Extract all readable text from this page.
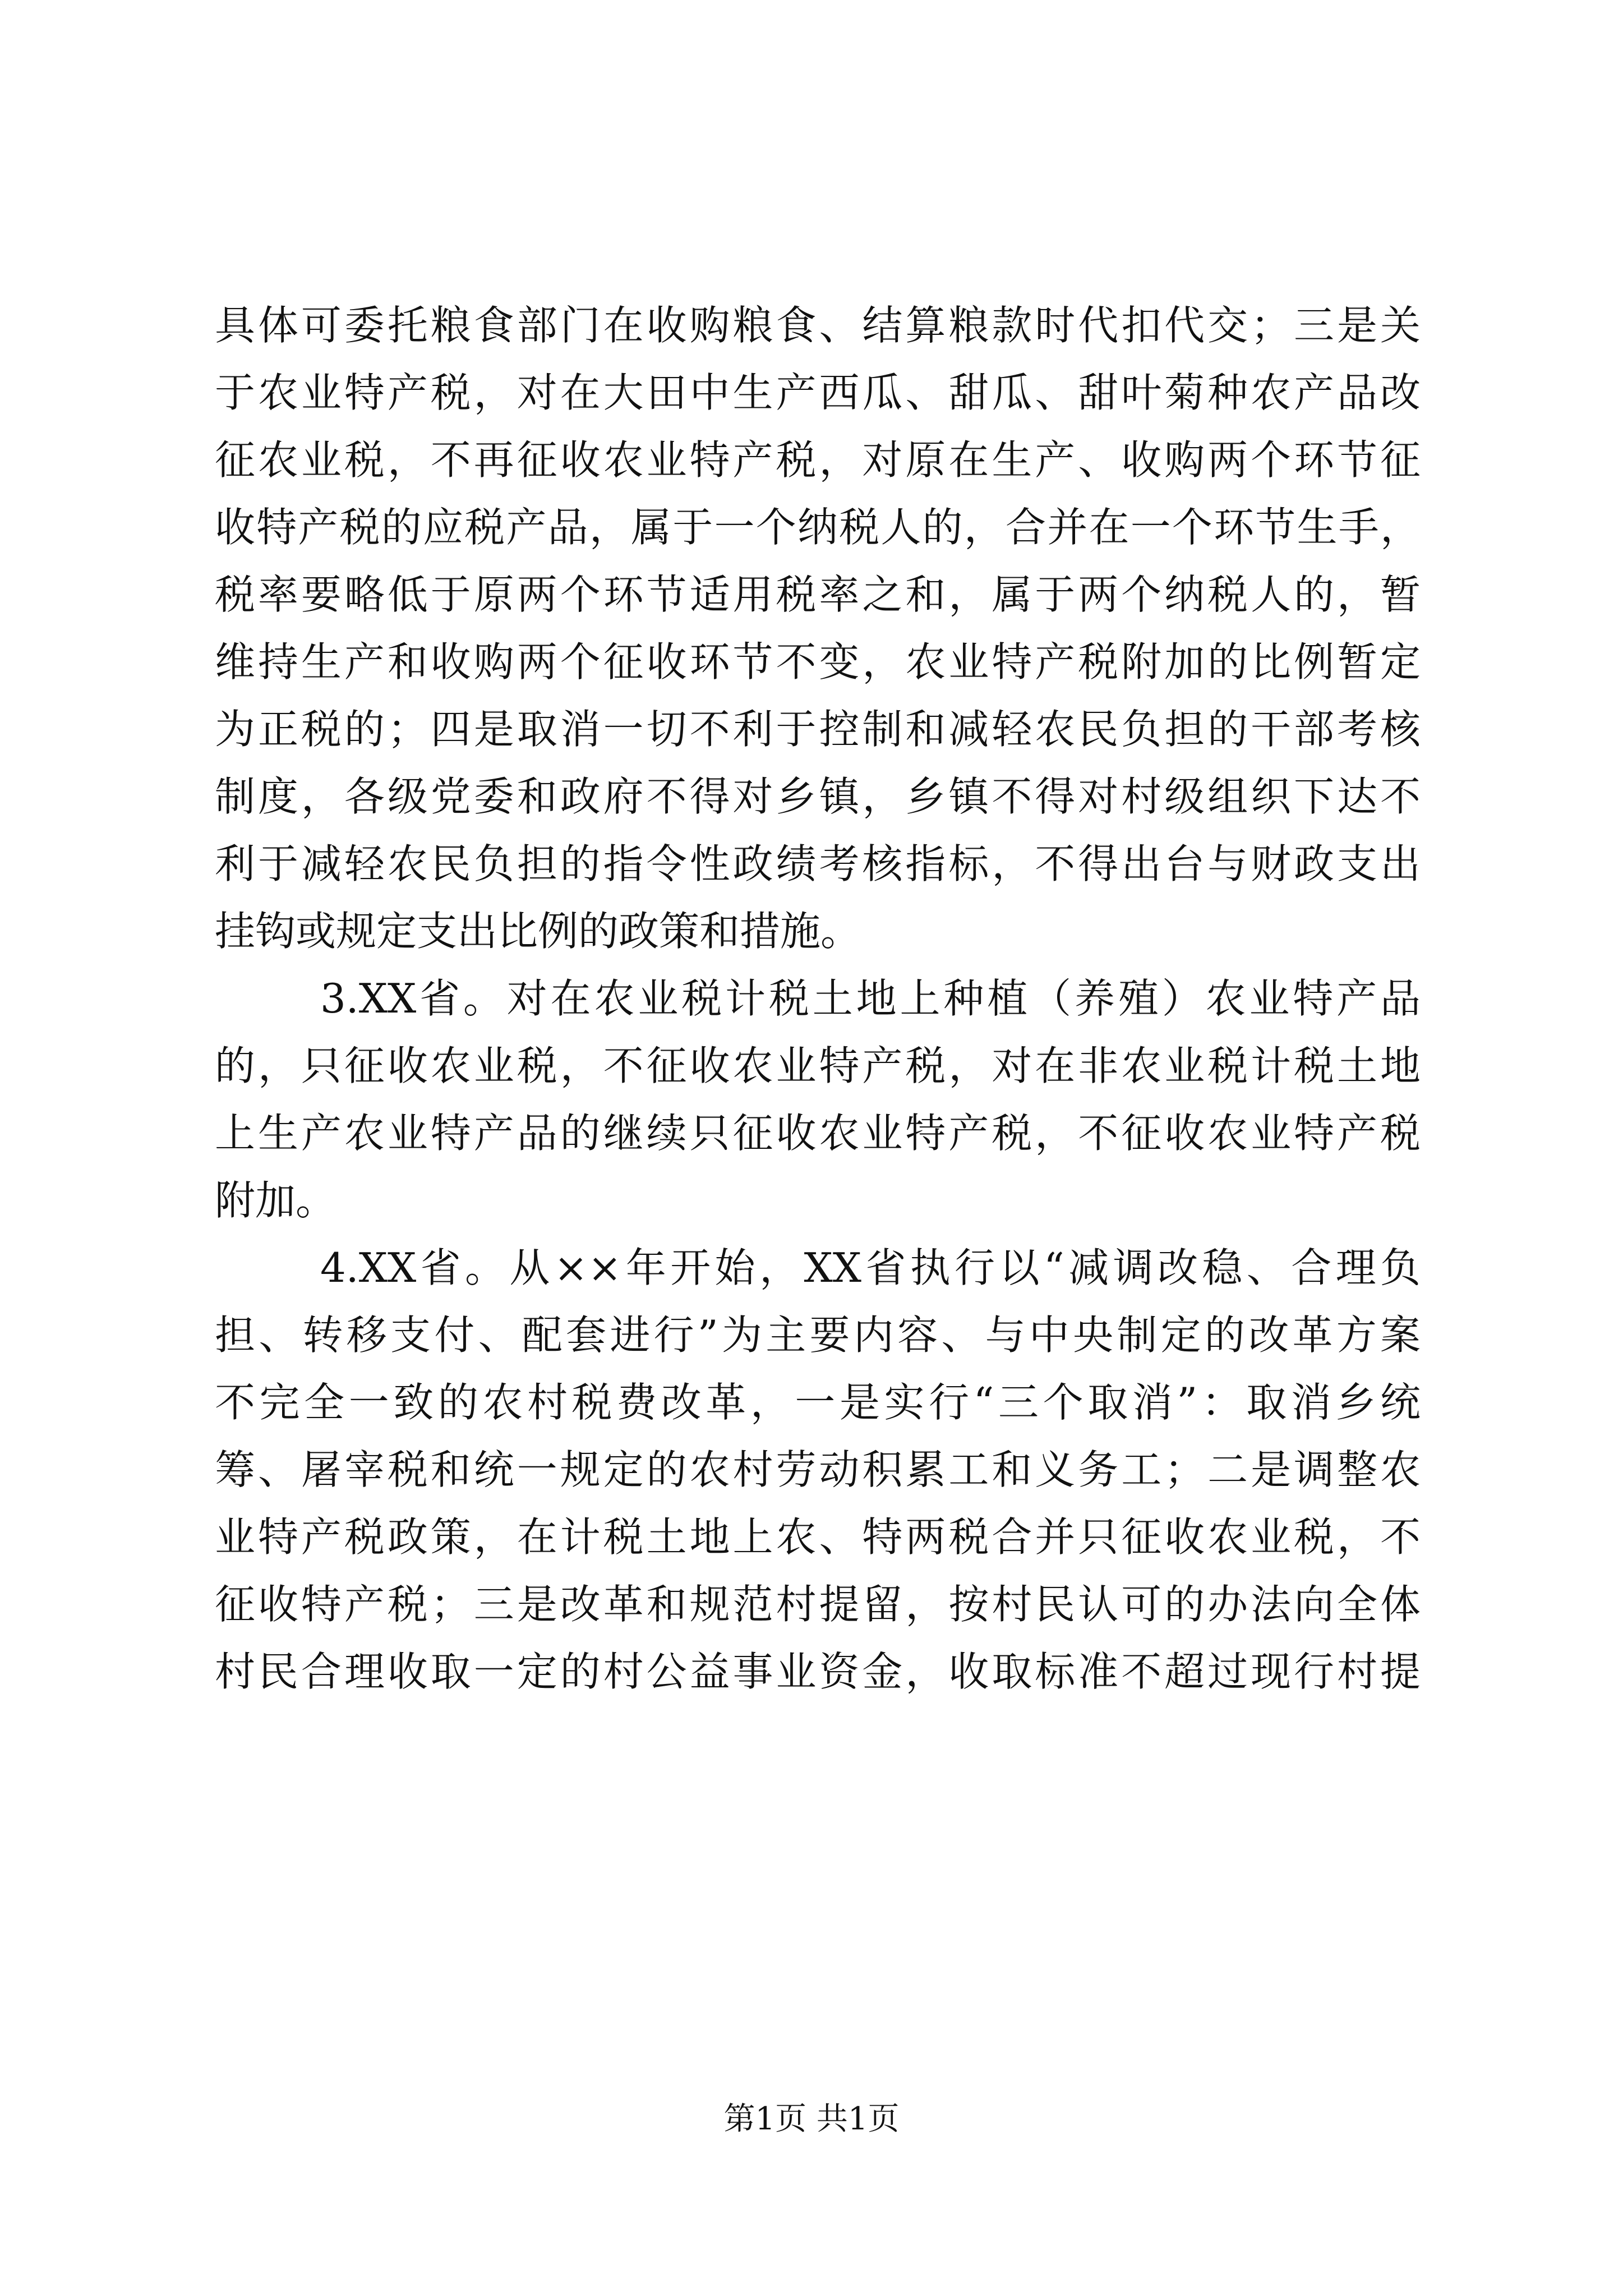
具体可委托粮食部门在收购粮食、结算粮款时代扣代交；三是关
于农业特产税，对在大田中生产西瓜、甜瓜、甜叶菊种农产品改
征农业税，不再征收农业特产税，对原在生产、收购两个环节征
收特产税的应税产品，属于一个纳税人的，合并在一个环节生手，
税率要略低于原两个环节适用税率之和，属于两个纳税人的，暂
维持生产和收购两个征收环节不变，农业特产税附加的比例暂定
为正税的；四是取消一切不利于控制和减轻农民负担的干部考核
制度，各级党委和政府不得对乡镇，乡镇不得对村级组织下达不
利于减轻农民负担的指令性政绩考核指标，不得出台与财政支出
挂钩或规定支出比例的政策和措施。
3.XX省。对在农业税计税土地上种植（养殖）农业特产品
的，只征收农业税，不征收农业特产税，对在非农业税计税土地
上生产农业特产品的继续只征收农业特产税，不征收农业特产税
附加。
4.XX省。从××年开始，XX省执行以“减调改稳、合理负
担、转移支付、配套进行”为主要内容、与中央制定的改革方案
不完全一致的农村税费改革，一是实行“三个取消”：取消乡统
筹、屠宰税和统一规定的农村劳动积累工和义务工；二是调整农
业特产税政策，在计税土地上农、特两税合并只征收农业税，不
征收特产税；三是改革和规范村提留，按村民认可的办法向全体
村民合理收取一定的村公益事业资金，收取标准不超过现行村提
第1页 共1页
